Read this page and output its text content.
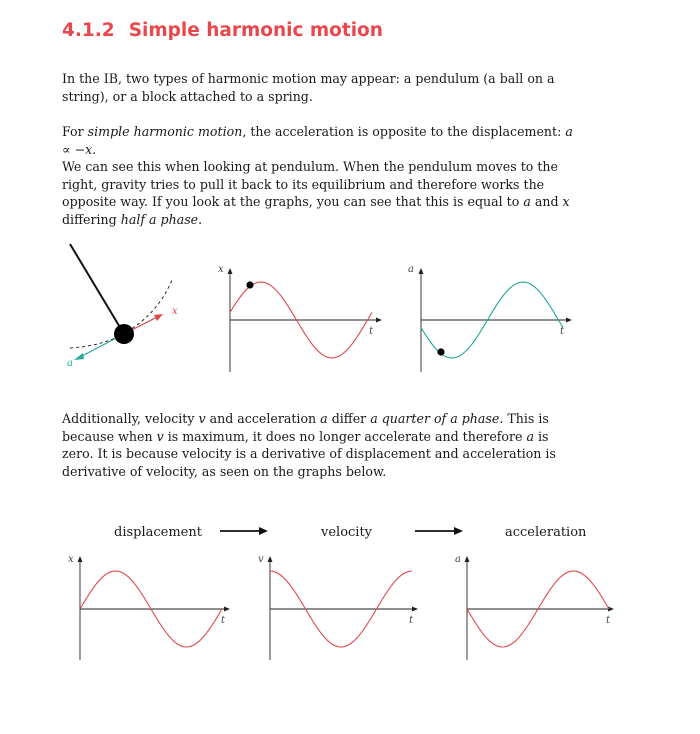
4.1.2 Simple harmonic motion

In the IB, two types of harmonic motion may appear: a pendulum (a ball on a string), or a block attached to a spring.

For simple harmonic motion, the acceleration is opposite to the displacement: a ∝ −x.

We can see this when looking at pendulum. When the pendulum moves to the right, gravity tries to pull it back to its equilibrium and therefore works the opposite way. If you look at the graphs, you can see that this is equal to a and x differing half a phase.

Additionally, velocity v and acceleration a differ a quarter of a phase. This is because when v is maximum, it does no longer accelerate and therefore a is zero. It is because velocity is a derivative of displacement and acceleration is derivative of velocity, as seen on the graphs below.

x
a
x
t
a
t
displacement	velocity	acceleration
x
t
v
t
a
t
